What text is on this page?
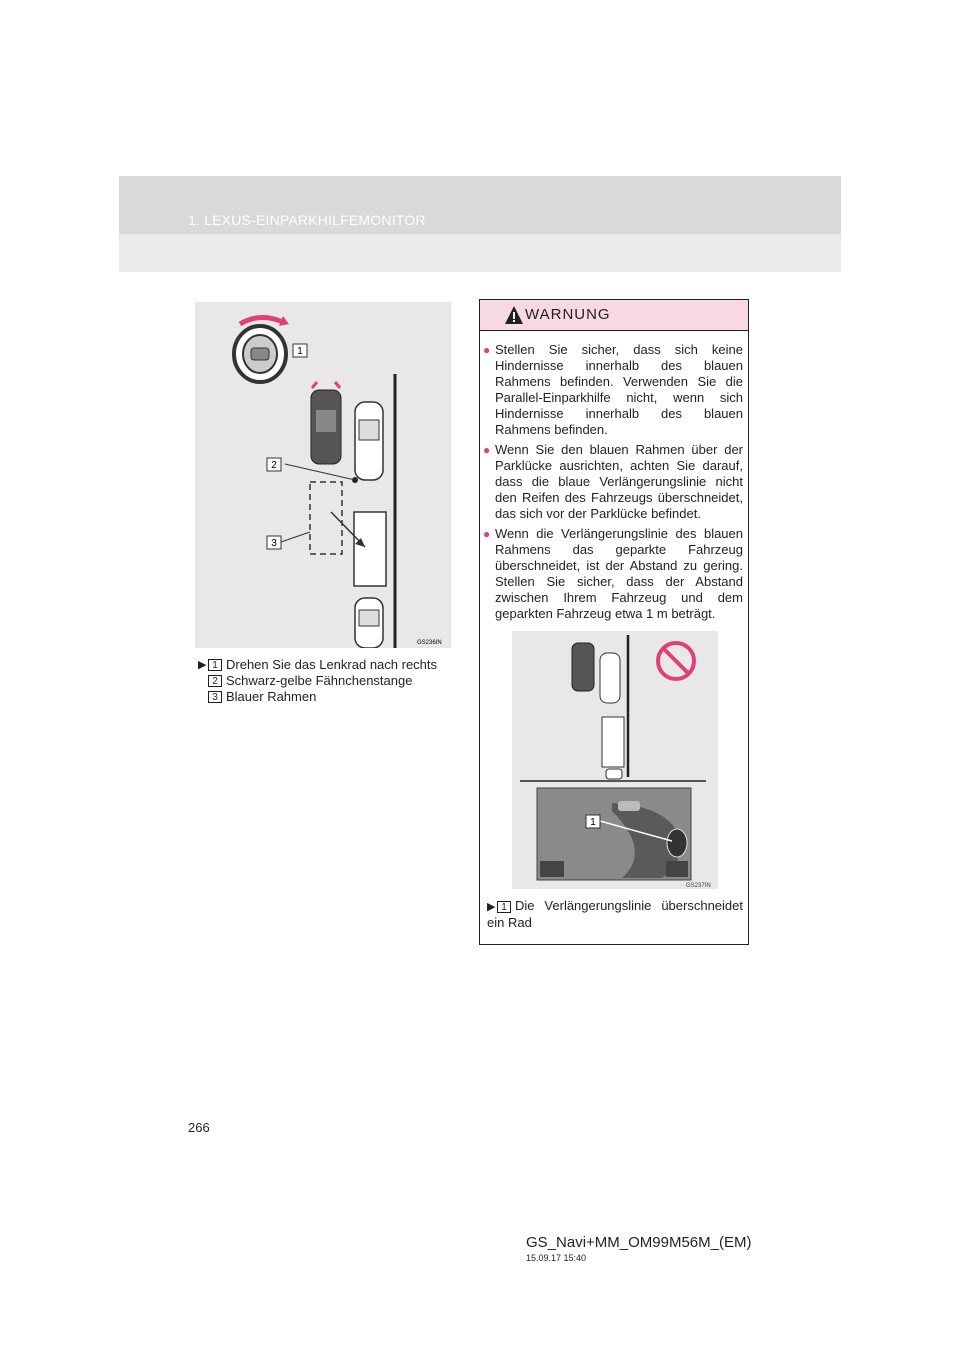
1. LEXUS-EINPARKHILFEMONITOR
1
2
3
GS236IN
▶ 1 Drehen Sie das Lenkrad nach rechts
2 Schwarz-gelbe Fähnchenstange
3 Blauer Rahmen
WARNUNG
● Stellen Sie sicher, dass sich keine Hindernisse innerhalb des blauen Rahmens befinden. Verwenden Sie die Parallel-Einparkhilfe nicht, wenn sich Hindernisse innerhalb des blauen Rahmens befinden.
● Wenn Sie den blauen Rahmen über der Parklücke ausrichten, achten Sie darauf, dass die blaue Verlängerungslinie nicht den Reifen des Fahrzeugs überschneidet, das sich vor der Parklücke befindet.
● Wenn die Verlängerungslinie des blauen Rahmens das geparkte Fahrzeug überschneidet, ist der Abstand zu gering. Stellen Sie sicher, dass der Abstand zwischen Ihrem Fahrzeug und dem geparkten Fahrzeug etwa 1 m beträgt.
1
GS237IN
▶ 1 Die Verlängerungslinie überschneidet ein Rad
266
GS_Navi+MM_OM99M56M_(EM)
15.09.17 15:40
